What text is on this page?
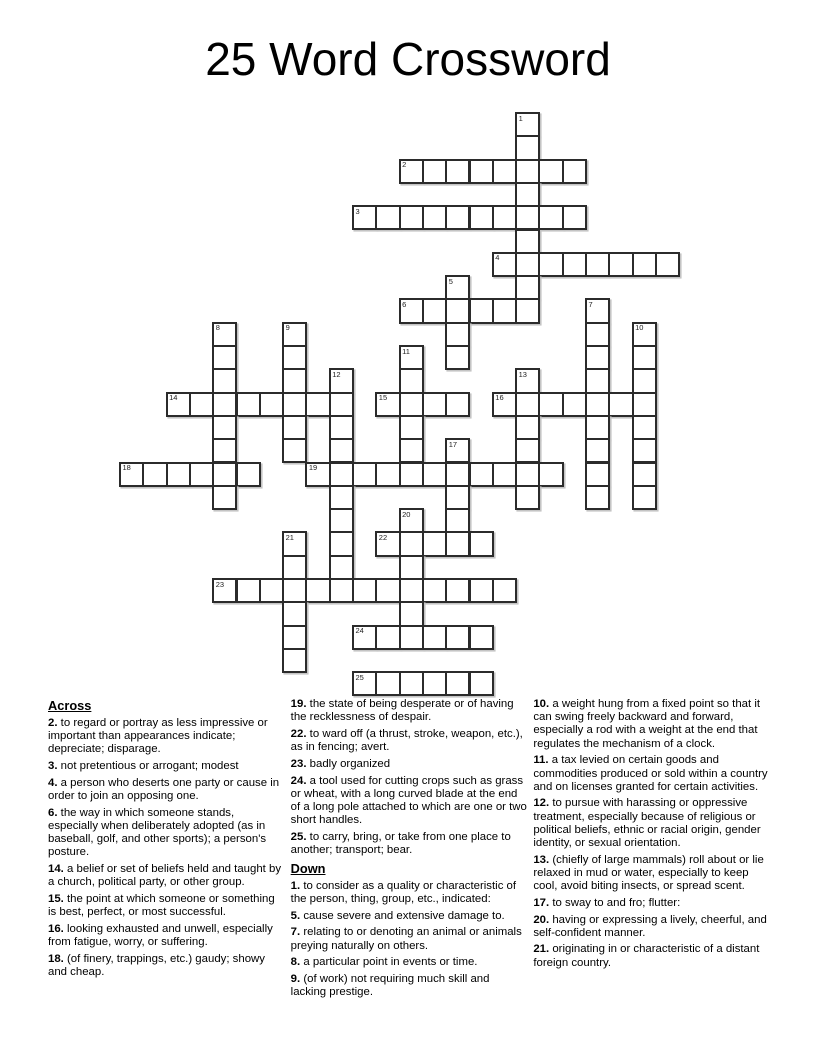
25 Word Crossword
1
2
3
4
5
6	7
8	9	10
11
12	13
14	15	16
17
18	19
20
21	22
23
24
25
Across
2. to regard or portray as less impressive or important than appearances indicate; depreciate; disparage.
3. not pretentious or arrogant; modest
4. a person who deserts one party or cause in order to join an opposing one.
6. the way in which someone stands, especially when deliberately adopted (as in baseball, golf, and other sports); a person's posture.
14. a belief or set of beliefs held and taught by a church, political party, or other group.
15. the point at which someone or something is best, perfect, or most successful.
16. looking exhausted and unwell, especially from fatigue, worry, or suffering.
18. (of finery, trappings, etc.) gaudy; showy and cheap.
19. the state of being desperate or of having the recklessness of despair.
22. to ward off (a thrust, stroke, weapon, etc.), as in fencing; avert.
23. badly organized
24. a tool used for cutting crops such as grass or wheat, with a long curved blade at the end of a long pole attached to which are one or two short handles.
25. to carry, bring, or take from one place to another; transport; bear.
Down
1. to consider as a quality or characteristic of the person, thing, group, etc., indicated:
5. cause severe and extensive damage to.
7. relating to or denoting an animal or animals preying naturally on others.
8. a particular point in events or time.
9. (of work) not requiring much skill and lacking prestige.
10. a weight hung from a fixed point so that it can swing freely backward and forward, especially a rod with a weight at the end that regulates the mechanism of a clock.
11. a tax levied on certain goods and commodities produced or sold within a country and on licenses granted for certain activities.
12. to pursue with harassing or oppressive treatment, especially because of religious or political beliefs, ethnic or racial origin, gender identity, or sexual orientation.
13. (chiefly of large mammals) roll about or lie relaxed in mud or water, especially to keep cool, avoid biting insects, or spread scent.
17. to sway to and fro; flutter:
20. having or expressing a lively, cheerful, and self-confident manner.
21. originating in or characteristic of a distant foreign country.
